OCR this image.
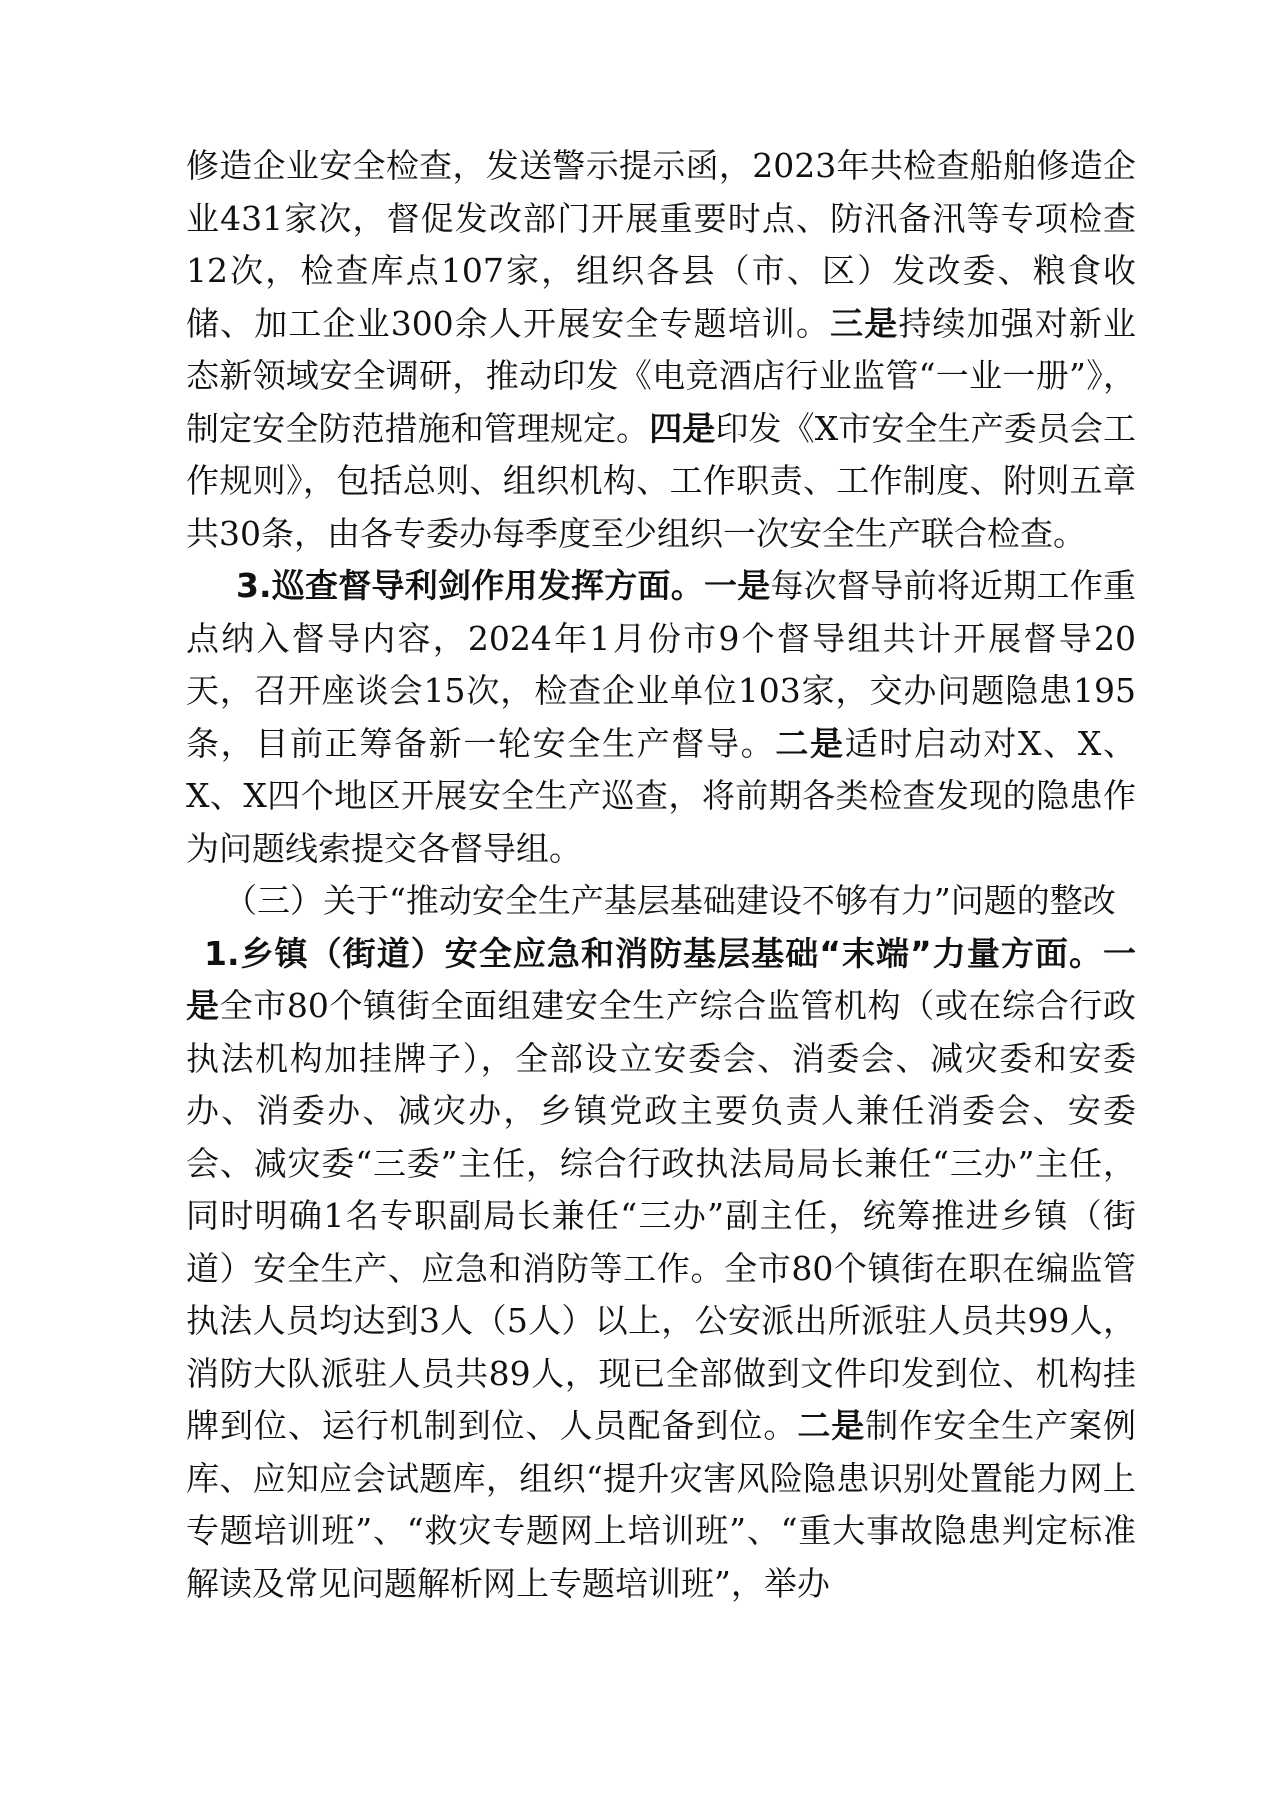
修造企业安全检查，发送警示提示函，2023年共检查船舶修造企业431家次，督促发改部门开展重要时点、防汛备汛等专项检查12次，检查库点107家，组织各县（市、区）发改委、粮食收储、加工企业300余人开展安全专题培训。三是持续加强对新业态新领域安全调研，推动印发《电竞酒店行业监管“一业一册”》，制定安全防范措施和管理规定。四是印发《X市安全生产委员会工作规则》，包括总则、组织机构、工作职责、工作制度、附则五章共30条，由各专委办每季度至少组织一次安全生产联合检查。

3.巡查督导利剑作用发挥方面。一是每次督导前将近期工作重点纳入督导内容，2024年1月份市9个督导组共计开展督导20天，召开座谈会15次，检查企业单位103家，交办问题隐患195条，目前正筹备新一轮安全生产督导。二是适时启动对X、X、X、X四个地区开展安全生产巡查，将前期各类检查发现的隐患作为问题线索提交各督导组。

（三）关于“推动安全生产基层基础建设不够有力”问题的整改

1.乡镇（街道）安全应急和消防基层基础“末端”力量方面。一是全市80个镇街全面组建安全生产综合监管机构（或在综合行政执法机构加挂牌子），全部设立安委会、消委会、减灾委和安委办、消委办、减灾办，乡镇党政主要负责人兼任消委会、安委会、减灾委“三委”主任，综合行政执法局局长兼任“三办”主任，同时明确1名专职副局长兼任“三办”副主任，统筹推进乡镇（街道）安全生产、应急和消防等工作。全市80个镇街在职在编监管执法人员均达到3人（5人）以上，公安派出所派驻人员共99人，消防大队派驻人员共89人，现已全部做到文件印发到位、机构挂牌到位、运行机制到位、人员配备到位。二是制作安全生产案例库、应知应会试题库，组织“提升灾害风险隐患识别处置能力网上专题培训班”、“救灾专题网上培训班”、“重大事故隐患判定标准解读及常见问题解析网上专题培训班”，举办
